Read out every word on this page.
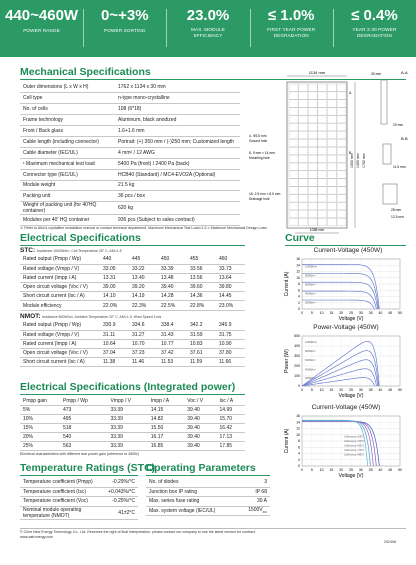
440~460W
POWER RANGE
0~+3%
POWER SORTING
23.0%
MAX. MODULE EFFICIENCY
≤ 1.0%
FIRST YEAR POWER DEGRADATION
≤ 0.4%
YEAR 2-30 POWER DEGRADATION
Mechanical Specifications
Outer dimensions (L x W x H)	1762 x 1134 x 30 mm
Cell type	n-type mono-crystalline
No. of cells	108 (6*18)
Frame technology	Aluminum, black anodized
Front / Back glass	1.6+1.6 mm
Cable length (including connector)	Portrait: (+) 350 mm / (-)250 mm; Customized length
Cable diameter (IEC/UL)	4 mm² / 12 AWG
¹ Maximum mechanical test load	5400 Pa (front) / 2400 Pa (back)
Connector type (IEC/UL)	HCB40 (Standard) / MC4-EVO2A (Optional)
Module weight	21.5 kg
Packing unit	36 pcs / box
Weight of packing unit (for 40'HQ container)	620 kg
Modules per 40' HQ container	936 pcs (Subject to sales contract)
① Refer to Aiko's crystalline installation manual or contact technical department. Maximum Mechanical Test Load=1.5 × Maximum Mechanical Design Load.
1134 mm
1058 mm
1000 mm 1400 mm 1762 mm
4- Φ3.5 mm
Ground hole
8- 9 mm × 14 mm
Mounting hole
16- 2.5 mm × 8.5 mm
Drainage hole
A-A
30 mm
20 mm
B-B
11.5 mm
28 mm
12.5 mm
A
B
Electrical Specifications
STC: Irradiance 1000W/m², Cell Temperature 25° C, AM=1.5
Rated output (Pmpp / Wp)	440	445	450	455	460
Rated voltage (Vmpp / V)	33.05	33.22	33.39	33.56	33.73
Rated current (Impp / A)	13.31	13.40	13.48	13.56	13.64
Open circuit voltage (Voc / V)	39.00	39.20	39.40	39.60	39.80
Short circuit current (Isc / A)	14.10	14.19	14.28	14.36	14.45
Module efficiency	22.0%	22.3%	22.5%	22.8%	23.0%
NMOT: Irradiance 800W/m², Ambient Temperature 20° C, AM=1.5, Wind Speed 1m/s
Rated output (Pmpp / Wp)	330.9	334.6	338.4	342.2	345.9
Rated voltage (Vmpp / V)	31.11	31.27	31.43	31.59	31.75
Rated current (Impp / A)	10.64	10.70	10.77	10.83	10.90
Open circuit voltage (Voc / V)	37.04	37.23	37.42	37.61	37.80
Short circuit current (Isc / A)	11.38	11.46	11.53	11.59	11.66
Electrical Specifications (Integrated power)
Pmpp gain	Pmpp / Wp	Vmpp / V	Impp / A	Voc / V	Isc / A
5%	473	33.39	14.15	39.40	14.99
10%	495	33.39	14.82	39.40	15.70
15%	518	33.39	15.50	39.40	16.42
20%	540	33.39	16.17	39.40	17.13
25%	563	33.39	16.85	39.40	17.85
Electrical characteristics with different rear power gain (reference to 450W)
Temperature Ratings (STC)
Temperature coefficient (Pmpp)	-0.29%/°C
Temperature coefficient (Isc)	+0.043%/°C
Temperature coefficient (Voc)	-0.25%/°C
Nominal module operating temperature (NMOT)	41±2°C
Operating Parameters
No. of diodes	3
Junction box IP rating	IP 68
Max. series fuse rating	30 A
Max. system voltage (IEC/UL)	$1500V_{DC}$
Curve
Current-Voltage (450W)
0
2
4
6
8
10
12
14
16
0 5 10 15 20 25 30 35 40 45 50
Voltage (V)
Current (A)
1000W/m²
800W/m²
600W/m²
400W/m²
200W/m²
Power-Voltage (450W)
0
100
200
300
400
500
0 5 10 15 20 25 30 35 40 45 50
Voltage (V)
Power (W)
1000W/m²
800W/m²
600W/m²
400W/m²
200W/m²
Current-Voltage (450W)
0
2
4
6
8
10
12
14
16
0 5 10 15 20 25 30 35 40 45 50
Voltage (V)
Current (A)	Cells temp.=25°C
Cells temp.=40°C
Cells temp.=55°C
Cells temp.=70°C
Cells temp.=85°C
© Chint New Energy Technology Co., Ltd. Reserves the right of final interpretation. please contact our company to use the latest version for contract.
www.astronergy.com
202408
